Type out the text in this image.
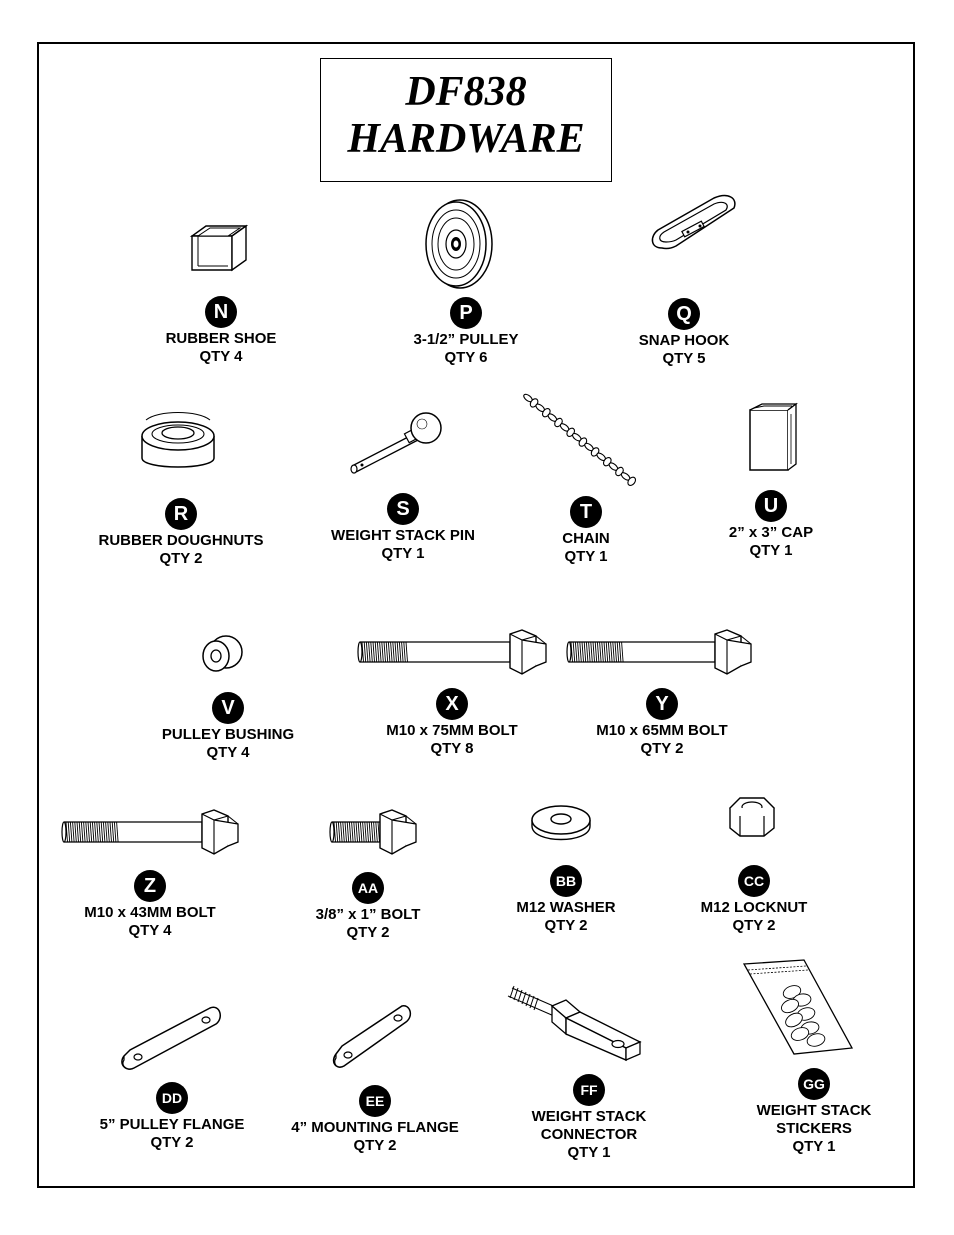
DF838
HARDWARE
N
RUBBER SHOE
QTY 4
P
3-1/2” PULLEY
QTY 6
Q
SNAP HOOK
QTY 5
R
RUBBER DOUGHNUTS
QTY 2
S
WEIGHT STACK PIN
QTY 1
T
CHAIN
QTY 1
U
2” x 3” CAP
QTY 1
V
PULLEY BUSHING
QTY 4
X
M10 x 75MM BOLT
QTY 8
Y
M10 x 65MM BOLT
QTY 2
Z
M10 x 43MM BOLT
QTY 4
AA
3/8” x 1” BOLT
QTY 2
BB
M12 WASHER
QTY 2
CC
M12 LOCKNUT
QTY 2
DD
5” PULLEY FLANGE
QTY 2
EE
4” MOUNTING FLANGE
QTY 2
FF
WEIGHT STACK
CONNECTOR
QTY 1
GG
WEIGHT STACK
STICKERS
QTY 1
